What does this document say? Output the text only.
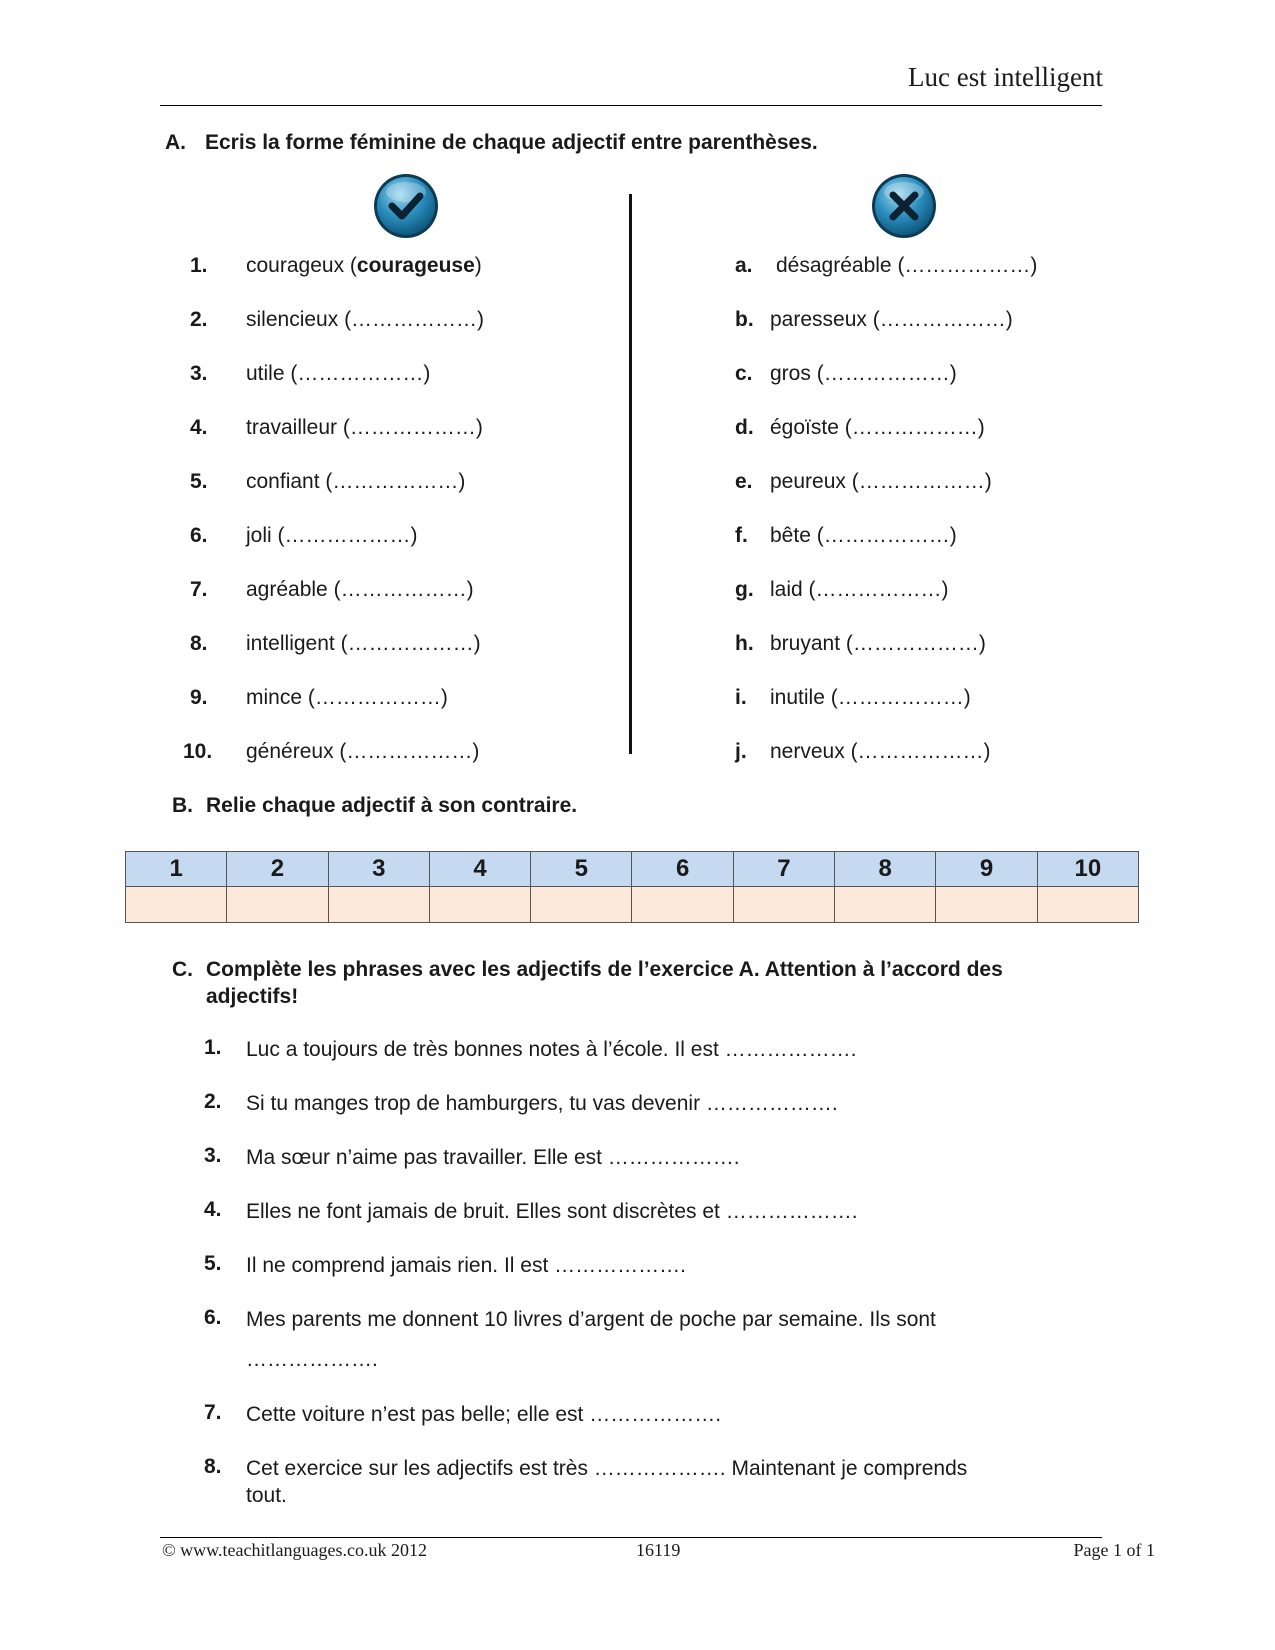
Luc est intelligent
A. Ecris la forme féminine de chaque adjectif entre parenthèses.
1. courageux (courageuse)
2. silencieux (………………)
3. utile (………………)
4. travailleur (………………)
5. confiant (………………)
6. joli (………………)
7. agréable (………………)
8. intelligent (………………)
9. mince (………………)
10. généreux (………………)
a. désagréable (………………)
b. paresseux (………………)
c. gros (………………)
d. égoïste (………………)
e. peureux (………………)
f. bête (………………)
g. laid (………………)
h. bruyant (………………)
i. inutile (………………)
j. nerveux (………………)
B. Relie chaque adjectif à son contraire.
1	2	3	4	5	6	7	8	9	10

C. Complète les phrases avec les adjectifs de l’exercice A. Attention à l’accord des
adjectifs!
1. Luc a toujours de très bonnes notes à l’école. Il est ……………….
2. Si tu manges trop de hamburgers, tu vas devenir ……………….
3. Ma sœur n’aime pas travailler. Elle est ……………….
4. Elles ne font jamais de bruit. Elles sont discrètes et ……………….
5. Il ne comprend jamais rien. Il est ……………….
6. Mes parents me donnent 10 livres d’argent de poche par semaine. Ils sont
……………….
7. Cette voiture n’est pas belle; elle est ……………….
8. Cet exercice sur les adjectifs est très ………………. Maintenant je comprends
tout.
© www.teachitlanguages.co.uk 2012	16119	Page 1 of 1
